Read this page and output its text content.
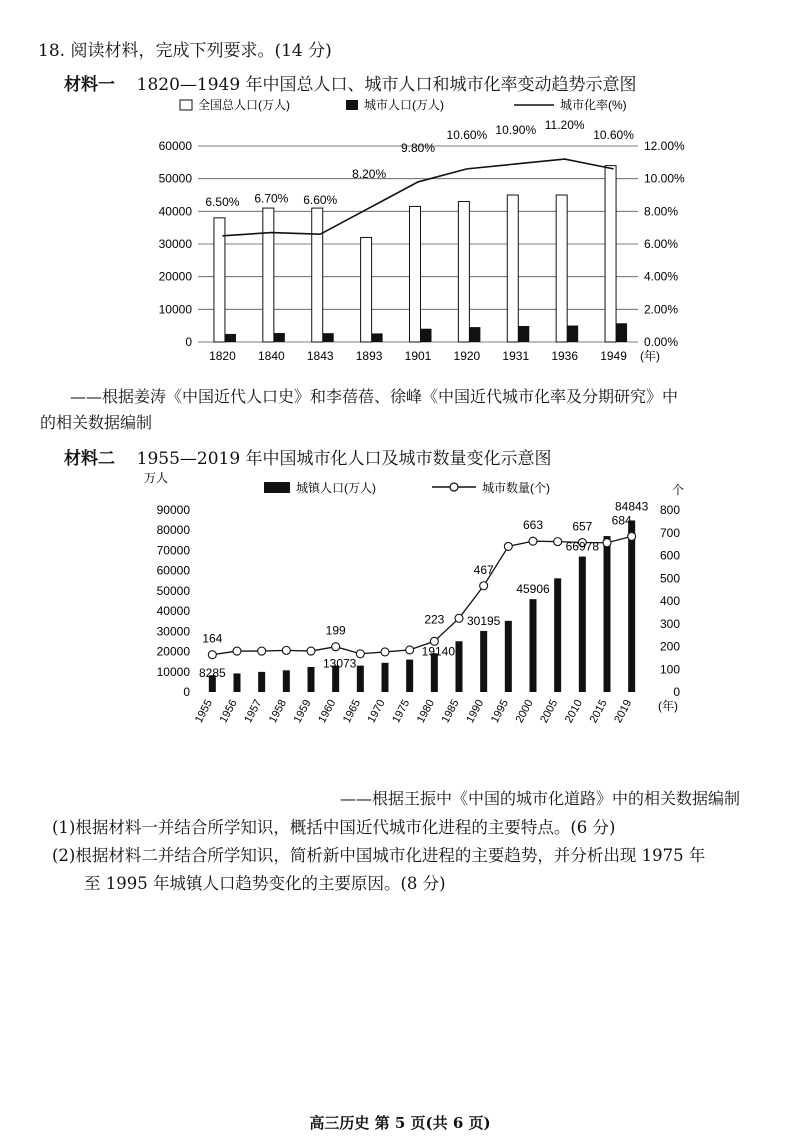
18. 阅读材料，完成下列要求。(14 分)
材料一 1820—1949 年中国总人口、城市人口和城市化率变动趋势示意图
全国总人口(万人)	城市人口(万人)	城市化率(%)
0
10000
20000
30000
40000
50000
60000
0.00%
2.00%
4.00%
6.00%
8.00%
10.00%
12.00%
6.50% 6.70% 6.60%
8.20%
9.80%
10.60% 10.90% 11.20%
10.60%
1820 1840 1843 1893 1901 1920 1931 1936 1949 (年)
——根据姜涛《中国近代人口史》和李蓓蓓、徐峰《中国近代城市化率及分期研究》中
的相关数据编制
材料二 1955—2019 年中国城市化人口及城市数量变化示意图
万人
个
城镇人口(万人)	城市数量(个)
0
10000
20000
30000
40000
50000
60000
70000
80000
90000
0
100
200
300
400
500
600
700
800
164
199
223
467
663 657 684
8285
13073
19140
30195
45906
66978
84843
1955 1956 1957 1958 1959 1960 1965 1970 1975 1980 1985 1990 1995 2000 2005 2010 2015 2019 (年)
——根据王振中《中国的城市化道路》中的相关数据编制
(1)根据材料一并结合所学知识，概括中国近代城市化进程的主要特点。(6 分)
(2)根据材料二并结合所学知识，简析新中国城市化进程的主要趋势，并分析出现 1975 年
至 1995 年城镇人口趋势变化的主要原因。(8 分)
高三历史 第 5 页(共 6 页)
